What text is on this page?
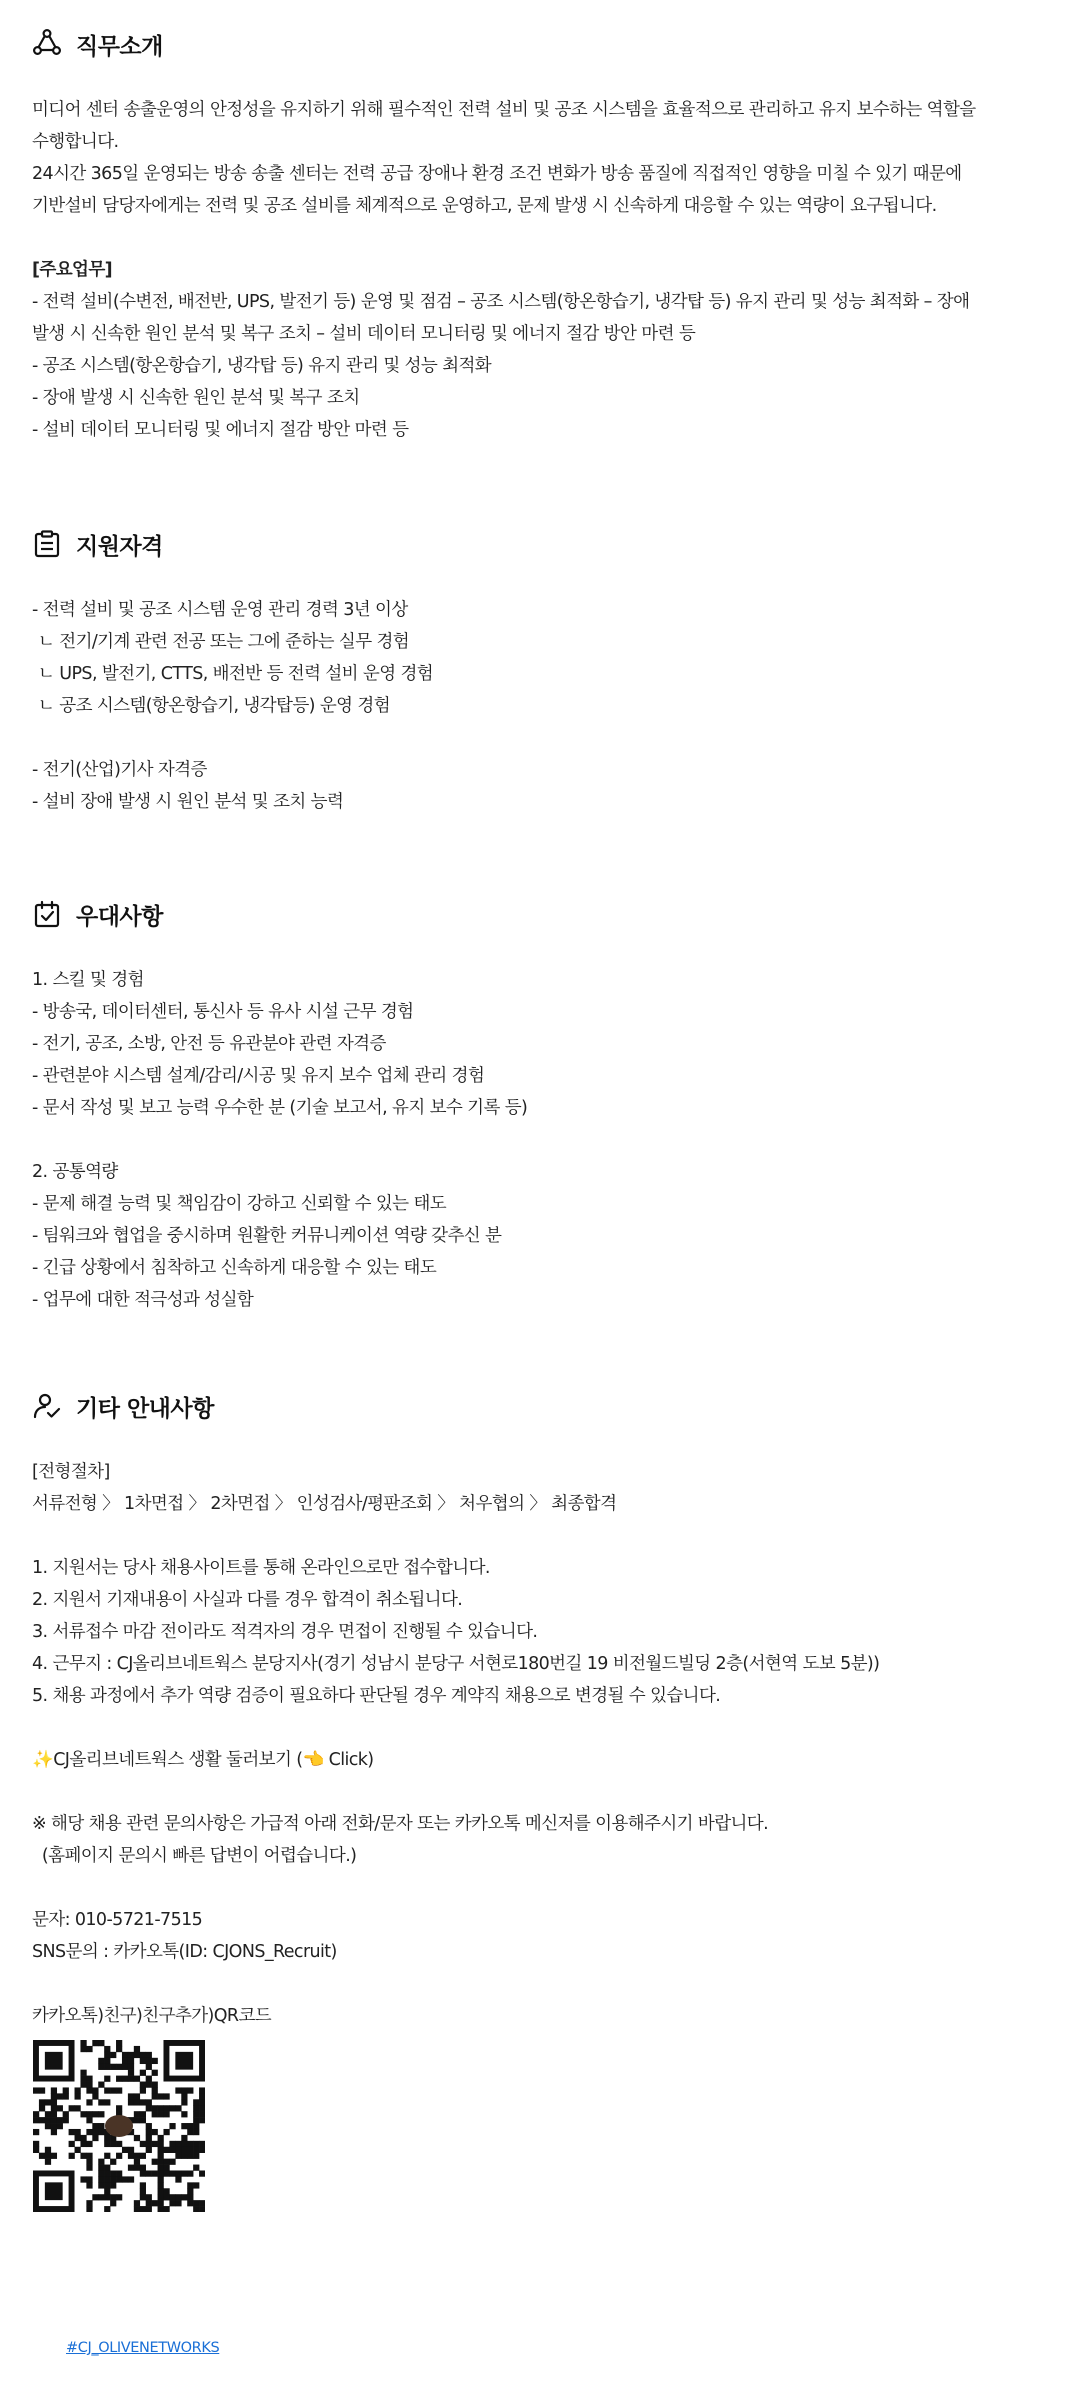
직무소개
미디어 센터 송출운영의 안정성을 유지하기 위해 필수적인 전력 설비 및 공조 시스템을 효율적으로 관리하고 유지 보수하는 역할을
수행합니다.
24시간 365일 운영되는 방송 송출 센터는 전력 공급 장애나 환경 조건 변화가 방송 품질에 직접적인 영향을 미칠 수 있기 때문에
기반설비 담당자에게는 전력 및 공조 설비를 체계적으로 운영하고, 문제 발생 시 신속하게 대응할 수 있는 역량이 요구됩니다.
[주요업무]
- 전력 설비(수변전, 배전반, UPS, 발전기 등) 운영 및 점검 – 공조 시스템(항온항습기, 냉각탑 등) 유지 관리 및 성능 최적화 – 장애
발생 시 신속한 원인 분석 및 복구 조치 – 설비 데이터 모니터링 및 에너지 절감 방안 마련 등
- 공조 시스템(항온항습기, 냉각탑 등) 유지 관리 및 성능 최적화
- 장애 발생 시 신속한 원인 분석 및 복구 조치
- 설비 데이터 모니터링 및 에너지 절감 방안 마련 등
지원자격
- 전력 설비 및 공조 시스템 운영 관리 경력 3년 이상
ㄴ 전기/기계 관련 전공 또는 그에 준하는 실무 경험
ㄴ UPS, 발전기, CTTS, 배전반 등 전력 설비 운영 경험
ㄴ 공조 시스템(항온항습기, 냉각탑등) 운영 경험
- 전기(산업)기사 자격증
- 설비 장애 발생 시 원인 분석 및 조치 능력
우대사항
1. 스킬 및 경험
- 방송국, 데이터센터, 통신사 등 유사 시설 근무 경험
- 전기, 공조, 소방, 안전 등 유관분야 관련 자격증
- 관련분야 시스템 설계/감리/시공 및 유지 보수 업체 관리 경험
- 문서 작성 및 보고 능력 우수한 분 (기술 보고서, 유지 보수 기록 등)
2. 공통역량
- 문제 해결 능력 및 책임감이 강하고 신뢰할 수 있는 태도
- 팀워크와 협업을 중시하며 원활한 커뮤니케이션 역량 갖추신 분
- 긴급 상황에서 침착하고 신속하게 대응할 수 있는 태도
- 업무에 대한 적극성과 성실함
기타 안내사항
[전형절차]
서류전형 〉 1차면접 〉 2차면접 〉 인성검사/평판조회 〉 처우협의 〉 최종합격
1. 지원서는 당사 채용사이트를 통해 온라인으로만 접수합니다.
2. 지원서 기재내용이 사실과 다를 경우 합격이 취소됩니다.
3. 서류접수 마감 전이라도 적격자의 경우 면접이 진행될 수 있습니다.
4. 근무지 : CJ올리브네트웍스 분당지사(경기 성남시 분당구 서현로180번길 19 비전월드빌딩 2층(서현역 도보 5분))
5. 채용 과정에서 추가 역량 검증이 필요하다 판단될 경우 계약직 채용으로 변경될 수 있습니다.
✨CJ올리브네트웍스 생활 둘러보기 (👈 Click)
※ 해당 채용 관련 문의사항은 가급적 아래 전화/문자 또는 카카오톡 메신저를 이용해주시기 바랍니다.
(홈페이지 문의시 빠른 답변이 어렵습니다.)
문자: 010-5721-7515
SNS문의 : 카카오톡(ID: CJONS_Recruit)
카카오톡)친구)친구추가)QR코드
#CJ_OLIVENETWORKS
